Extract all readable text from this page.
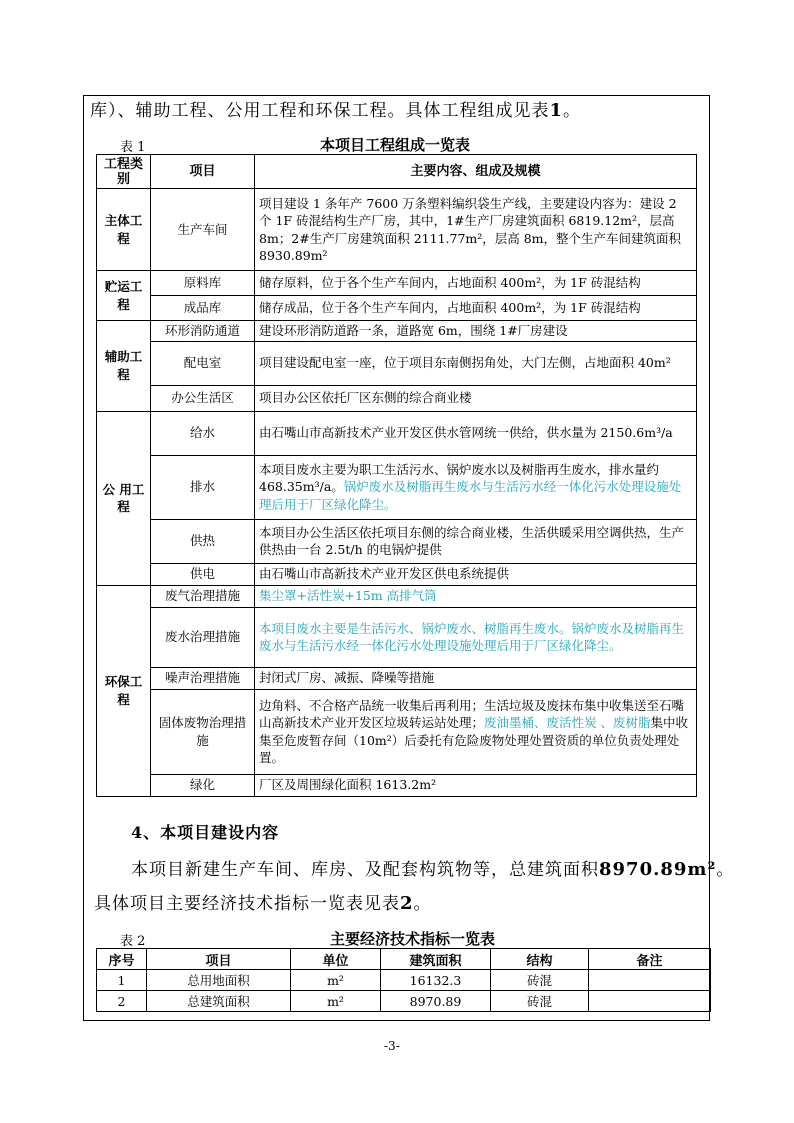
库）、辅助工程、公用工程和环保工程。具体工程组成见表1。
表 1	本项目工程组成一览表
工程类别	项目	主要内容、组成及规模
主体工程	生产车间	项目建设 1 条年产 7600 万条塑料编织袋生产线，主要建设内容为：建设 2 个 1F 砖混结构生产厂房，其中，1#生产厂房建筑面积 6819.12m²，层高 8m；2#生产厂房建筑面积 2111.77m²，层高 8m，整个生产车间建筑面积 8930.89m²
贮运工程	原料库	储存原料，位于各个生产车间内，占地面积 400m²，为 1F 砖混结构
	成品库	储存成品，位于各个生产车间内，占地面积 400m²，为 1F 砖混结构
辅助工程	环形消防通道	建设环形消防道路一条，道路宽 6m，围绕 1#厂房建设
	配电室	项目建设配电室一座，位于项目东南侧拐角处，大门左侧，占地面积 40m²
	办公生活区	项目办公区依托厂区东侧的综合商业楼
公 用工程	给水	由石嘴山市高新技术产业开发区供水管网统一供给，供水量为 2150.6m³/a
	排水	本项目废水主要为职工生活污水、锅炉废水以及树脂再生废水，排水量约 468.35m³/a。锅炉废水及树脂再生废水与生活污水经一体化污水处理设施处理后用于厂区绿化降尘。
	供热	本项目办公生活区依托项目东侧的综合商业楼，生活供暖采用空调供热，生产供热由一台 2.5t/h 的电锅炉提供
	供电	由石嘴山市高新技术产业开发区供电系统提供
环保工程	废气治理措施	集尘罩+活性炭+15m 高排气筒
	废水治理措施	本项目废水主要是生活污水、锅炉废水、树脂再生废水。锅炉废水及树脂再生废水与生活污水经一体化污水处理设施处理后用于厂区绿化降尘。
	噪声治理措施	封闭式厂房、减振、降噪等措施
	固体废物治理措施	边角料、不合格产品统一收集后再利用；生活垃圾及废抹布集中收集送至石嘴山高新技术产业开发区垃圾转运站处理；废油墨桶、废活性炭 、废树脂集中收集至危废暂存间（10m²）后委托有危险废物处理处置资质的单位负责处理处置。
	绿化	厂区及周围绿化面积 1613.2m²
4、本项目建设内容
本项目新建生产车间、库房、及配套构筑物等，总建筑面积8970.89m²。
具体项目主要经济技术指标一览表见表2。
表 2	主要经济技术指标一览表
序号	项目	单位	建筑面积	结构	备注
1	总用地面积	m²	16132.3	砖混	
2	总建筑面积	m²	8970.89	砖混	
-3-
